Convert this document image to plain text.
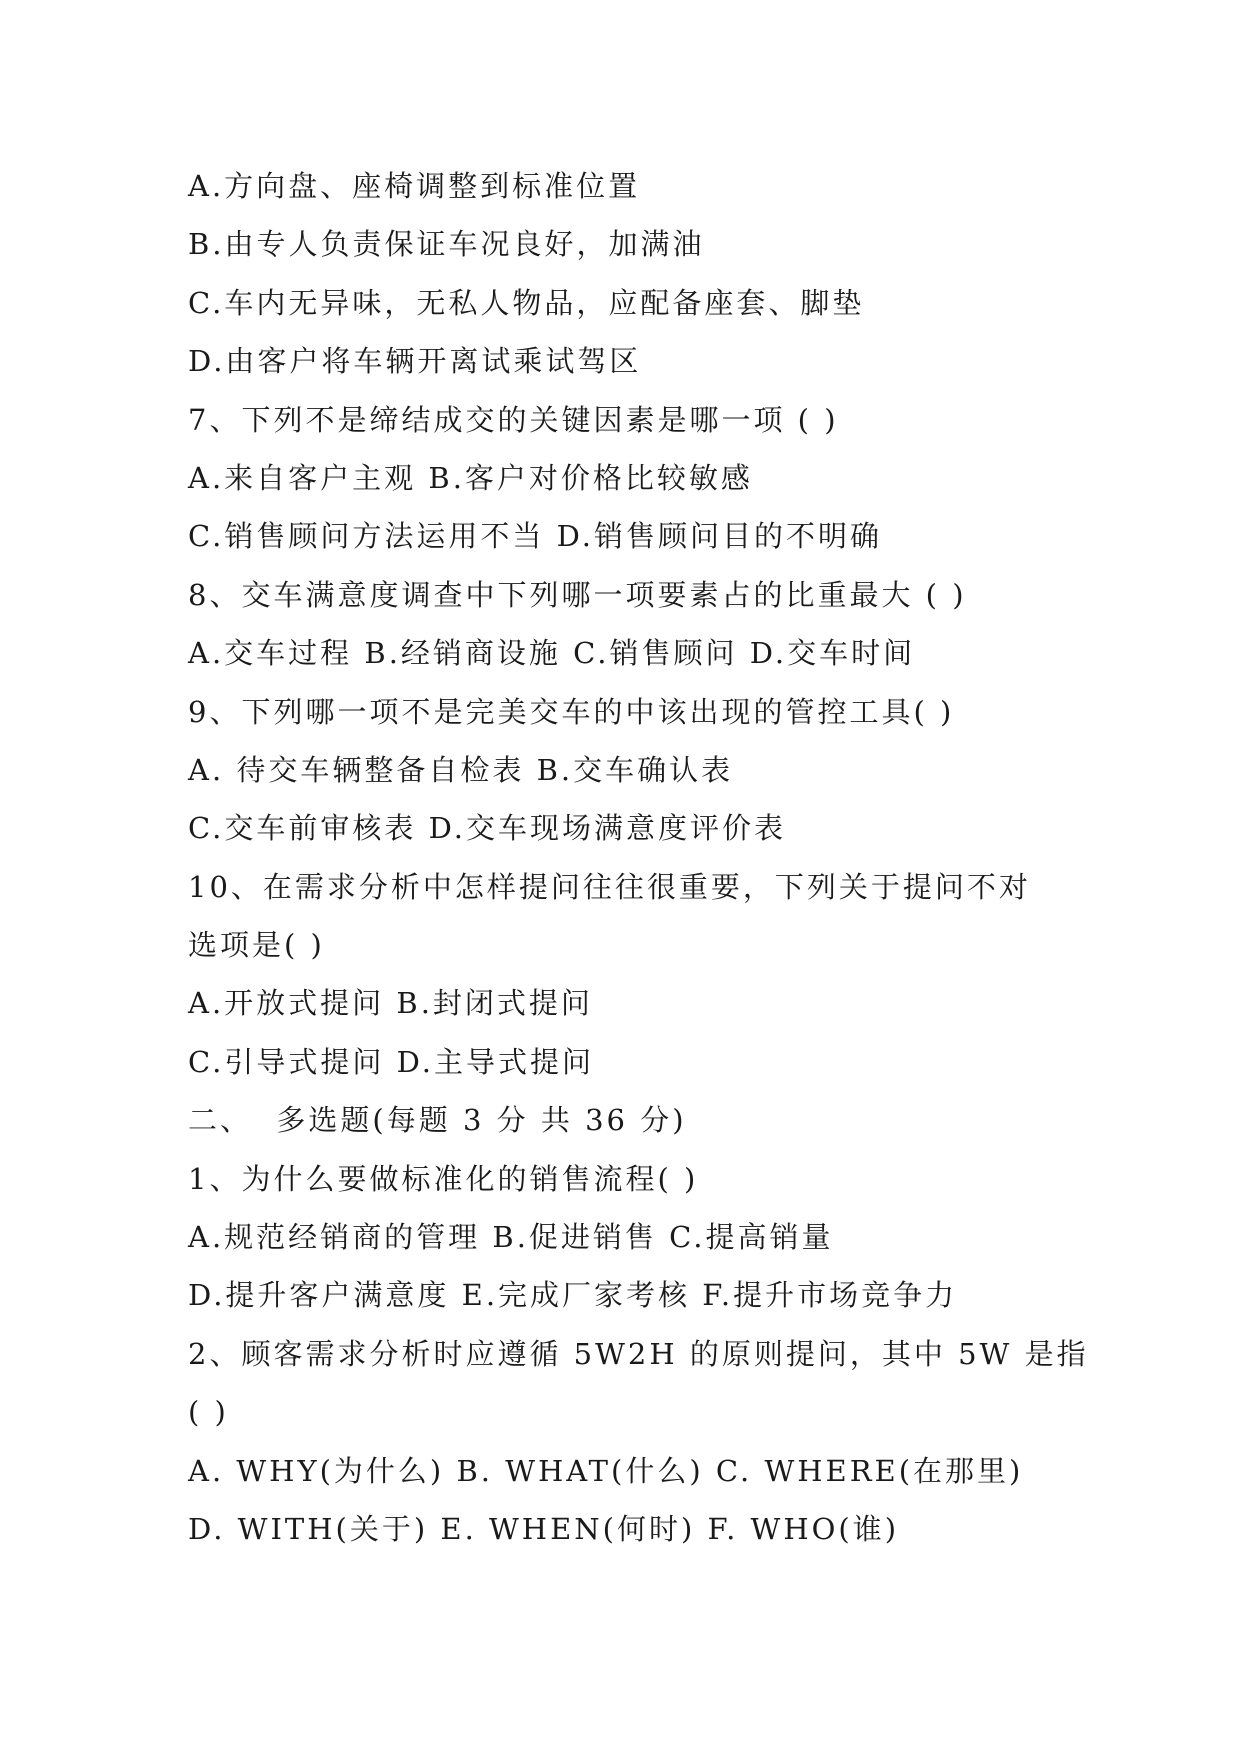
A.方向盘、座椅调整到标准位置
B.由专人负责保证车况良好，加满油
C.车内无异味，无私人物品，应配备座套、脚垫
D.由客户将车辆开离试乘试驾区
7、下列不是缔结成交的关键因素是哪一项 ( )
A.来自客户主观 B.客户对价格比较敏感
C.销售顾问方法运用不当 D.销售顾问目的不明确
8、交车满意度调查中下列哪一项要素占的比重最大 ( )
A.交车过程 B.经销商设施 C.销售顾问 D.交车时间
9、下列哪一项不是完美交车的中该出现的管控工具( )
A. 待交车辆整备自检表 B.交车确认表
C.交车前审核表 D.交车现场满意度评价表
10、在需求分析中怎样提问往往很重要，下列关于提问不对
选项是( )
A.开放式提问 B.封闭式提问
C.引导式提问 D.主导式提问
二、  多选题(每题 3 分 共 36 分)
1、为什么要做标准化的销售流程( )
A.规范经销商的管理 B.促进销售 C.提高销量
D.提升客户满意度 E.完成厂家考核 F.提升市场竞争力
2、顾客需求分析时应遵循 5W2H 的原则提问，其中 5W 是指
( )
A. WHY(为什么) B. WHAT(什么) C. WHERE(在那里)
D. WITH(关于) E. WHEN(何时) F. WHO(谁)
